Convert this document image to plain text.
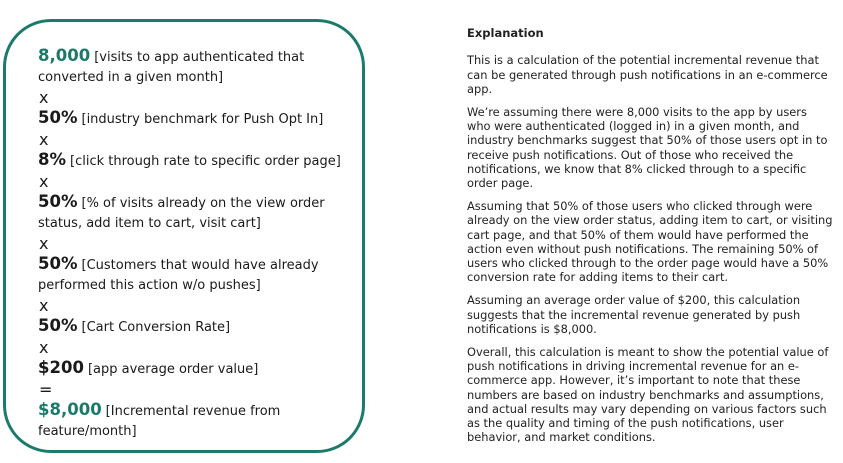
8,000 [visits to app authenticated that converted in a given month]

x

50% [industry benchmark for Push Opt In]

x

8% [click through rate to specific order page]

x

50% [% of visits already on the view order status, add item to cart, visit cart]

x

50% [Customers that would have already performed this action w/o pushes]

x

50% [Cart Conversion Rate]

x

$200 [app average order value]

=

$8,000 [Incremental revenue from feature/month]

Explanation

This is a calculation of the potential incremental revenue that can be generated through push notifications in an e-commerce app.

We’re assuming there were 8,000 visits to the app by users who were authenticated (logged in) in a given month, and industry benchmarks suggest that 50% of those users opt in to receive push notifications. Out of those who received the notifications, we know that 8% clicked through to a specific order page.

Assuming that 50% of those users who clicked through were already on the view order status, adding item to cart, or visiting cart page, and that 50% of them would have performed the action even without push notifications. The remaining 50% of users who clicked through to the order page would have a 50% conversion rate for adding items to their cart.

Assuming an average order value of $200, this calculation suggests that the incremental revenue generated by push notifications is $8,000.

Overall, this calculation is meant to show the potential value of push notifications in driving incremental revenue for an e-commerce app. However, it’s important to note that these numbers are based on industry benchmarks and assumptions, and actual results may vary depending on various factors such as the quality and timing of the push notifications, user behavior, and market conditions.
